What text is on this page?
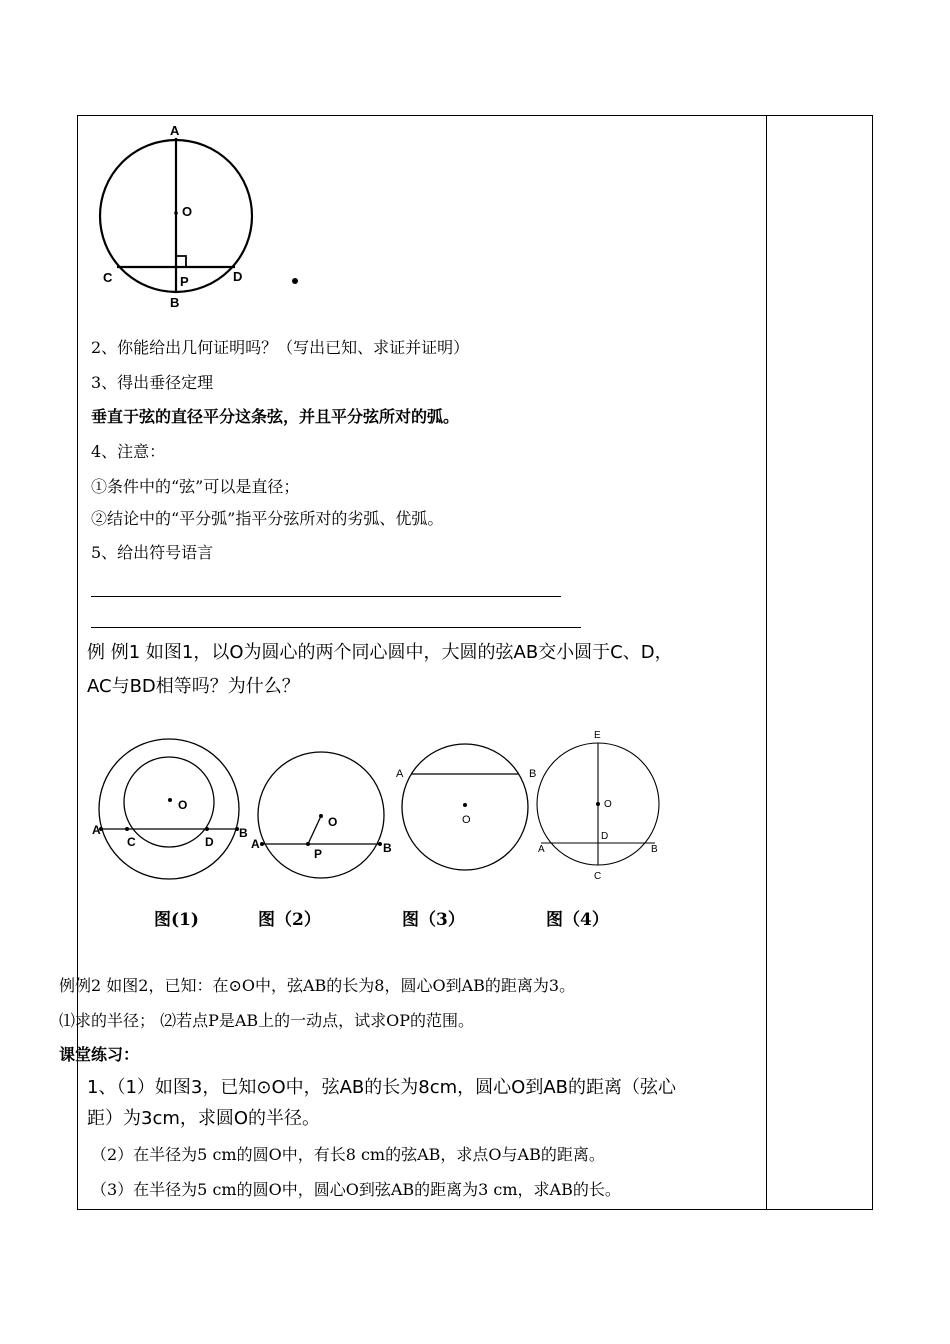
A
O
C	D
P
B
2、你能给出几何证明吗？（写出已知、求证并证明）
3、得出垂径定理
垂直于弦的直径平分这条弦，并且平分弦所对的弧。
4、注意：
①条件中的“弦”可以是直径；
②结论中的“平分弧”指平分弦所对的劣弧、优弧。
5、给出符号语言
例 例1 如图1，以O为圆心的两个同心圆中，大圆的弦AB交小圆于C、D，
AC与BD相等吗？为什么？
O
A	B
C	D
O
A	B
P
O
A	B
E
O
D
A	B
C
图(1)	图（2）	图（3）	图（4）
例例2 如图2，已知：在⊙O中，弦AB的长为8，圆心O到AB的距离为3。
⑴求的半径； ⑵若点P是AB上的一动点，试求OP的范围。
课堂练习：
1、（1）如图3，已知⊙O中，弦AB的长为8cm，圆心O到AB的距离（弦心
距）为3cm，求圆O的半径。
（2）在半径为5 cm的圆O中，有长8 cm的弦AB，求点O与AB的距离。
（3）在半径为5 cm的圆O中，圆心O到弦AB的距离为3 cm，求AB的长。
